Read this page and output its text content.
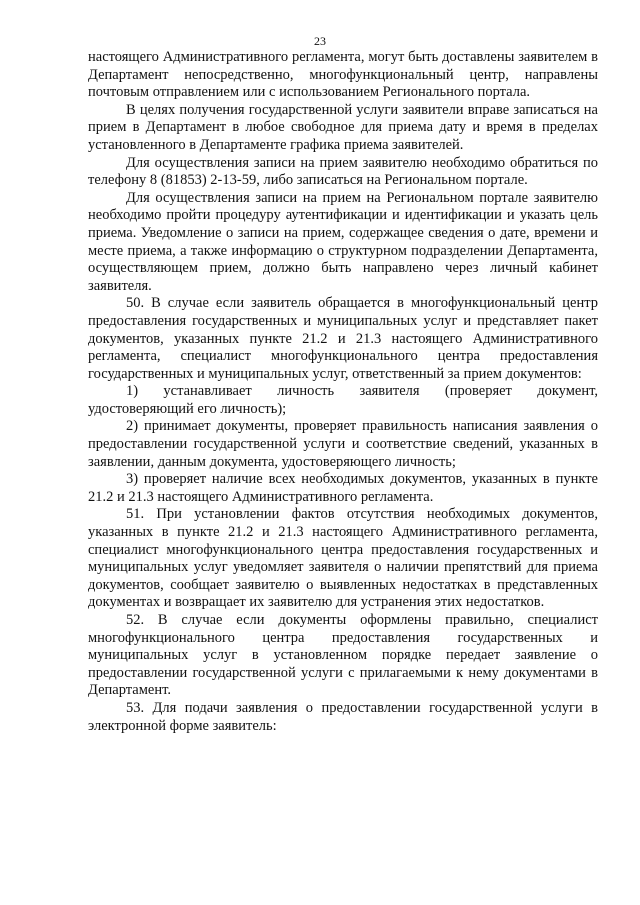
23

настоящего Административного регламента, могут быть доставлены заявителем в Департамент непосредственно, многофункциональный центр, направлены почтовым отправлением или с использованием Регионального портала.

В целях получения государственной услуги заявители вправе записаться на прием в Департамент в любое свободное для приема дату и время в пределах установленного в Департаменте графика приема заявителей.

Для осуществления записи на прием заявителю необходимо обратиться по телефону 8 (81853) 2-13-59, либо записаться на Региональном портале.

Для осуществления записи на прием на Региональном портале заявителю необходимо пройти процедуру аутентификации и идентификации и указать цель приема. Уведомление о записи на прием, содержащее сведения о дате, времени и месте приема, а также информацию о структурном подразделении Департамента, осуществляющем прием, должно быть направлено через личный кабинет заявителя.

50. В случае если заявитель обращается в многофункциональный центр предоставления государственных и муниципальных услуг и представляет пакет документов, указанных пункте 21.2 и 21.3 настоящего Административного регламента, специалист многофункционального центра предоставления государственных и муниципальных услуг, ответственный за прием документов:

1) устанавливает личность заявителя (проверяет документ, удостоверяющий его личность);

2) принимает документы, проверяет правильность написания заявления о предоставлении государственной услуги и соответствие сведений, указанных в заявлении, данным документа, удостоверяющего личность;

3) проверяет наличие всех необходимых документов, указанных в пункте 21.2 и 21.3 настоящего Административного регламента.

51. При установлении фактов отсутствия необходимых документов, указанных в пункте 21.2 и 21.3 настоящего Административного регламента, специалист многофункционального центра предоставления государственных и муниципальных услуг уведомляет заявителя о наличии препятствий для приема документов, сообщает заявителю о выявленных недостатках в представленных документах и возвращает их заявителю для устранения этих недостатков.

52. В случае если документы оформлены правильно, специалист многофункционального центра предоставления государственных и муниципальных услуг в установленном порядке передает заявление о предоставлении государственной услуги с прилагаемыми к нему документами в Департамент.

53. Для подачи заявления о предоставлении государственной услуги в электронной форме заявитель:
